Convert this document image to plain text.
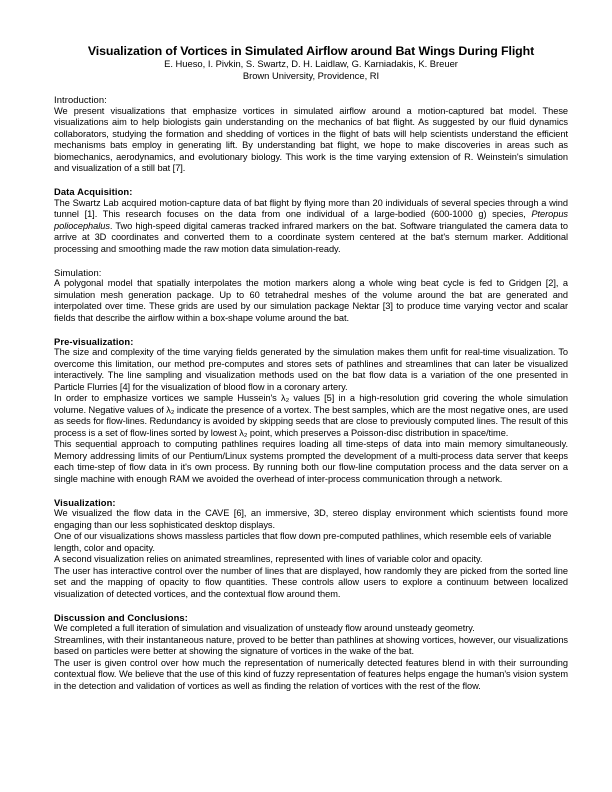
Visualization of Vortices in Simulated Airflow around Bat Wings During Flight

E. Hueso, I. Pivkin, S. Swartz, D. H. Laidlaw, G. Karniadakis, K. Breuer

Brown University, Providence, RI

Introduction:

We present visualizations that emphasize vortices in simulated airflow around a motion-captured bat model. These visualizations aim to help biologists gain understanding on the mechanics of bat flight. As suggested by our fluid dynamics collaborators, studying the formation and shedding of vortices in the flight of bats will help scientists understand the efficient mechanisms bats employ in generating lift. By understanding bat flight, we hope to make discoveries in areas such as biomechanics, aerodynamics, and evolutionary biology. This work is the time varying extension of R. Weinstein's simulation and visualization of a still bat [7].

Data Acquisition:

The Swartz Lab acquired motion-capture data of bat flight by flying more than 20 individuals of several species through a wind tunnel [1]. This research focuses on the data from one individual of a large-bodied (600-1000 g) species, Pteropus poliocephalus. Two high-speed digital cameras tracked infrared markers on the bat. Software triangulated the camera data to arrive at 3D coordinates and converted them to a coordinate system centered at the bat's sternum marker. Additional processing and smoothing made the raw motion data simulation-ready.

Simulation:

A polygonal model that spatially interpolates the motion markers along a whole wing beat cycle is fed to Gridgen [2], a simulation mesh generation package. Up to 60 tetrahedral meshes of the volume around the bat are generated and interpolated over time. These grids are used by our simulation package Nektar [3] to produce time varying vector and scalar fields that describe the airflow within a box-shape volume around the bat.

Pre-visualization:

The size and complexity of the time varying fields generated by the simulation makes them unfit for real-time visualization. To overcome this limitation, our method pre-computes and stores sets of pathlines and streamlines that can later be visualized interactively. The line sampling and visualization methods used on the bat flow data is a variation of the one presented in Particle Flurries [4] for the visualization of blood flow in a coronary artery.

In order to emphasize vortices we sample Hussein's λ₂ values [5] in a high-resolution grid covering the whole simulation volume. Negative values of λ₂ indicate the presence of a vortex. The best samples, which are the most negative ones, are used as seeds for flow-lines. Redundancy is avoided by skipping seeds that are close to previously computed lines. The result of this process is a set of flow-lines sorted by lowest λ₂ point, which preserves a Poisson-disc distribution in space/time.

This sequential approach to computing pathlines requires loading all time-steps of data into main memory simultaneously. Memory addressing limits of our Pentium/Linux systems prompted the development of a multi-process data server that keeps each time-step of flow data in it's own process. By running both our flow-line computation process and the data server on a single machine with enough RAM we avoided the overhead of inter-process communication through a network.

Visualization:

We visualized the flow data in the CAVE [6], an immersive, 3D, stereo display environment which scientists found more engaging than our less sophisticated desktop displays.

One of our visualizations shows massless particles that flow down pre-computed pathlines, which resemble eels of variable length, color and opacity.

A second visualization relies on animated streamlines, represented with lines of variable color and opacity.

The user has interactive control over the number of lines that are displayed, how randomly they are picked from the sorted line set and the mapping of opacity to flow quantities. These controls allow users to explore a continuum between localized visualization of detected vortices, and the contextual flow around them.

Discussion and Conclusions:

We completed a full iteration of simulation and visualization of unsteady flow around unsteady geometry.

Streamlines, with their instantaneous nature, proved to be better than pathlines at showing vortices, however, our visualizations based on particles were better at showing the signature of vortices in the wake of the bat.

The user is given control over how much the representation of numerically detected features blend in with their surrounding contextual flow. We believe that the use of this kind of fuzzy representation of features helps engage the human's vision system in the detection and validation of vortices as well as finding the relation of vortices with the rest of the flow.
